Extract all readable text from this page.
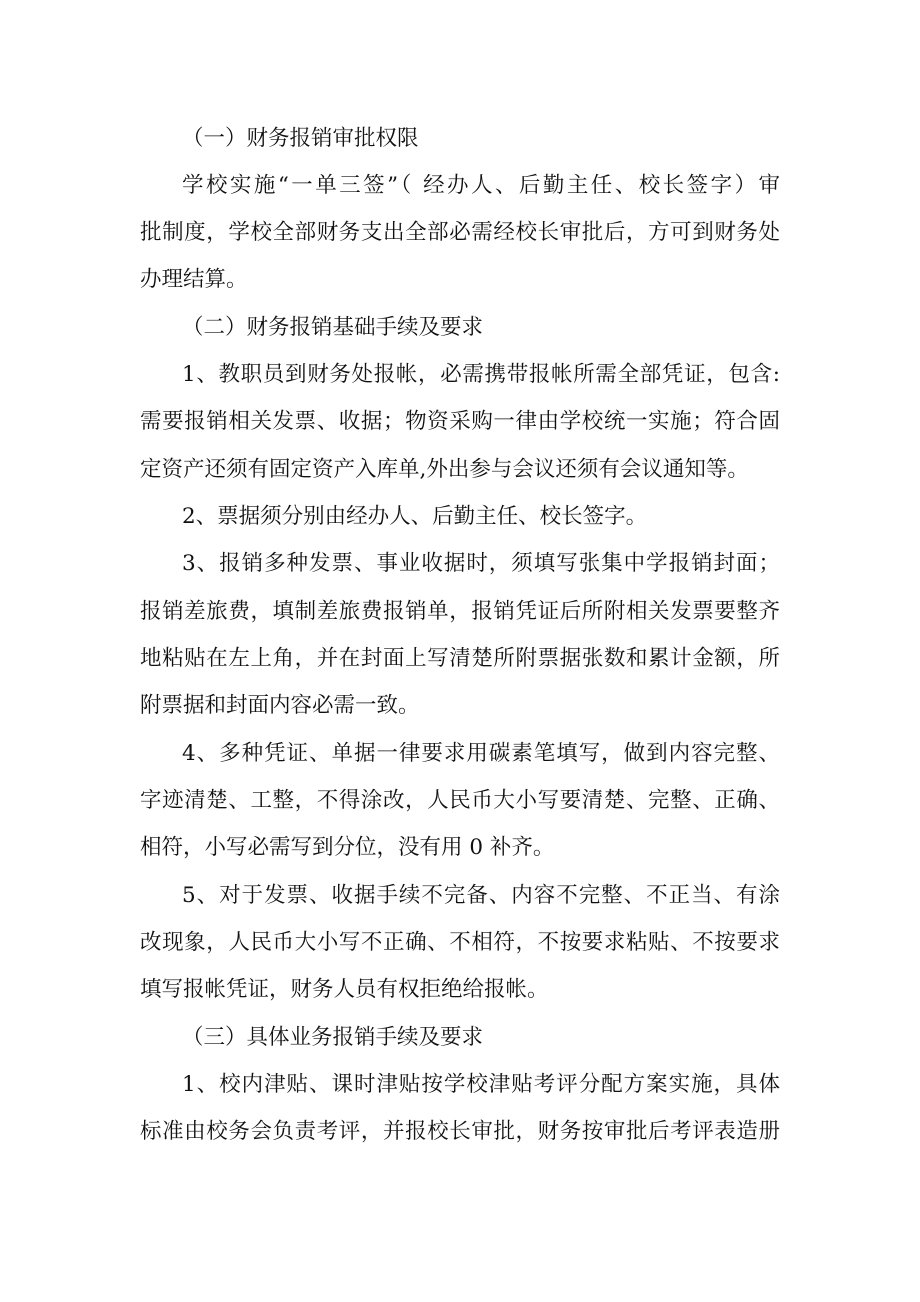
（一）财务报销审批权限
学校实施“一单三签”（ 经办人、后勤主任、校长签字）审
批制度，学校全部财务支出全部必需经校长审批后，方可到财务处
办理结算。
（二）财务报销基础手续及要求
1、教职员到财务处报帐，必需携带报帐所需全部凭证，包含:
需要报销相关发票、收据；物资采购一律由学校统一实施；符合固
定资产还须有固定资产入库单,外出参与会议还须有会议通知等。
2、票据须分别由经办人、后勤主任、校长签字。
3、报销多种发票、事业收据时，须填写张集中学报销封面；
报销差旅费，填制差旅费报销单，报销凭证后所附相关发票要整齐
地粘贴在左上角，并在封面上写清楚所附票据张数和累计金额，所
附票据和封面内容必需一致。
4、多种凭证、单据一律要求用碳素笔填写，做到内容完整、
字迹清楚、工整，不得涂改，人民币大小写要清楚、完整、正确、
相符，小写必需写到分位，没有用 0 补齐。
5、对于发票、收据手续不完备、内容不完整、不正当、有涂
改现象，人民币大小写不正确、不相符，不按要求粘贴、不按要求
填写报帐凭证，财务人员有权拒绝给报帐。
（三）具体业务报销手续及要求
1、校内津贴、课时津贴按学校津贴考评分配方案实施，具体
标准由校务会负责考评，并报校长审批，财务按审批后考评表造册
